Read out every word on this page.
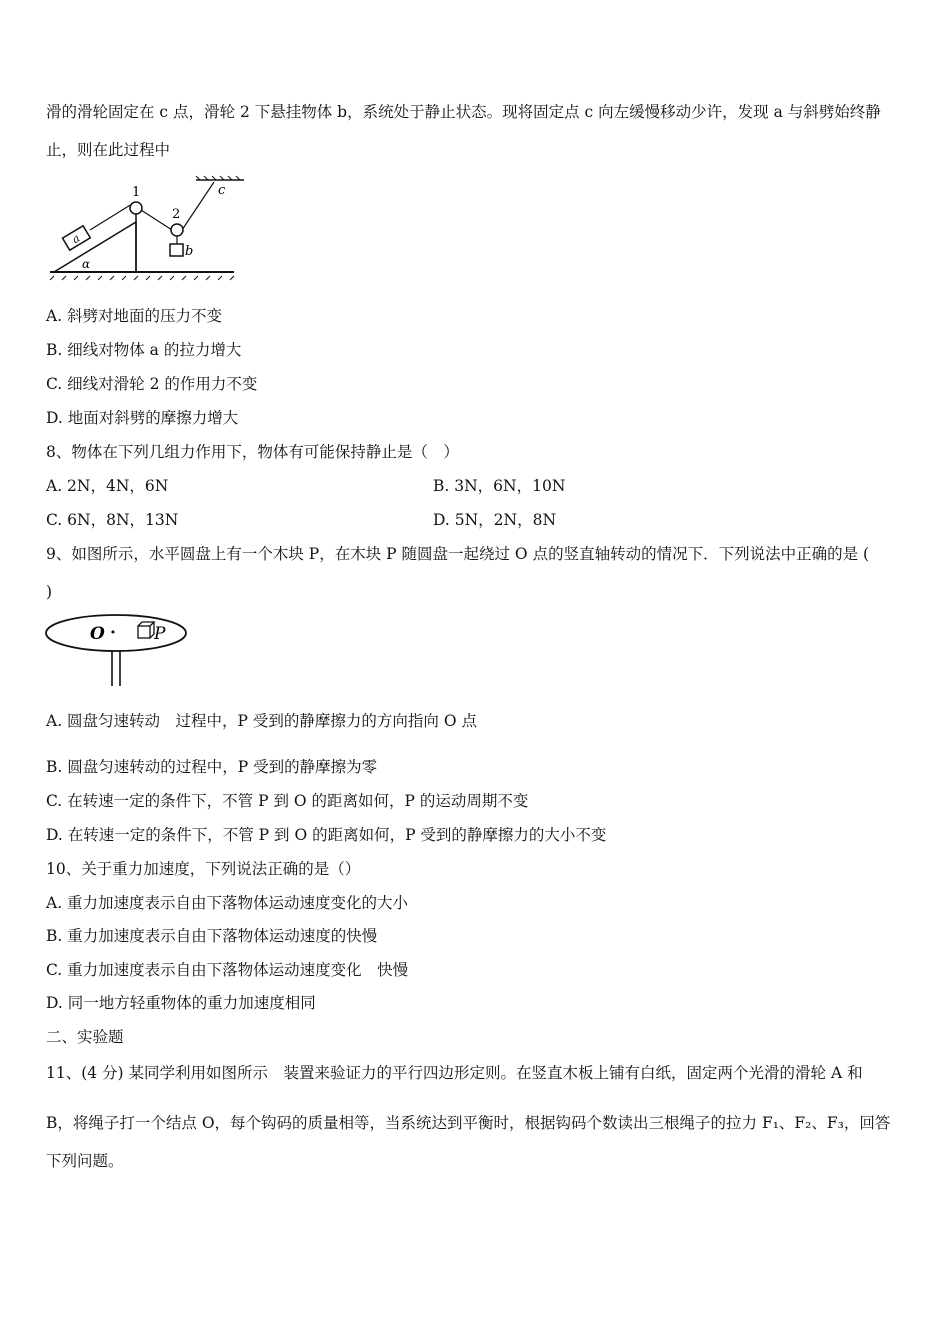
滑的滑轮固定在 c 点，滑轮 2 下悬挂物体 b，系统处于静止状态。现将固定点 c 向左缓慢移动少许，发现 a 与斜劈始终静
止，则在此过程中
1
a
2
c
b
α
A. 斜劈对地面的压力不变
B. 细线对物体 a 的拉力增大
C. 细线对滑轮 2 的作用力不变
D. 地面对斜劈的摩擦力增大
8、物体在下列几组力作用下，物体有可能保持静止是（　）
A. 2N，4N，6N	B. 3N，6N，10N
C. 6N，8N，13N	D. 5N，2N，8N
9、如图所示，水平圆盘上有一个木块 P，在木块 P 随圆盘一起绕过 O 点的竖直轴转动的情况下．下列说法中正确的是 (
)
O · P
A. 圆盘匀速转动　过程中，P 受到的静摩擦力的方向指向 O 点
B. 圆盘匀速转动的过程中，P 受到的静摩擦为零
C. 在转速一定的条件下，不管 P 到 O 的距离如何，P 的运动周期不变
D. 在转速一定的条件下，不管 P 到 O 的距离如何，P 受到的静摩擦力的大小不变
10、关于重力加速度，下列说法正确的是（）
A. 重力加速度表示自由下落物体运动速度变化的大小
B. 重力加速度表示自由下落物体运动速度的快慢
C. 重力加速度表示自由下落物体运动速度变化　快慢
D. 同一地方轻重物体的重力加速度相同
二、实验题
11、(4 分) 某同学利用如图所示　装置来验证力的平行四边形定则。在竖直木板上铺有白纸，固定两个光滑的滑轮 A 和
B，将绳子打一个结点 O，每个钩码的质量相等，当系统达到平衡时，根据钩码个数读出三根绳子的拉力 F₁、F₂、F₃，回答
下列问题。
